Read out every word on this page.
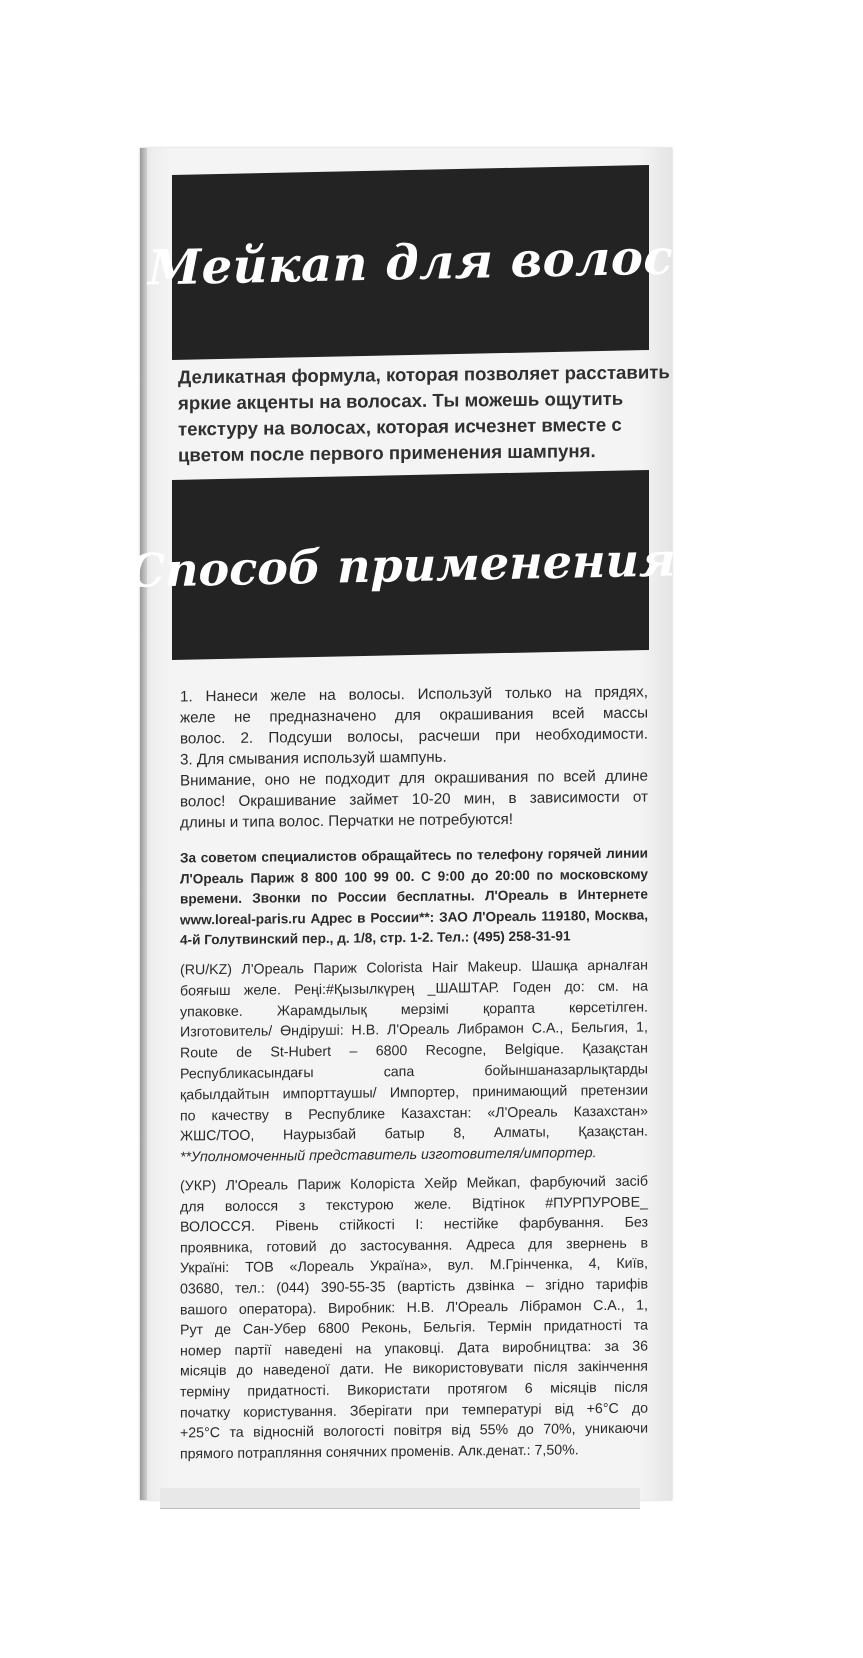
Мейкап для волос
Деликатная формула, которая позволяет расставить
яркие акценты на волосах. Ты можешь ощутить
текстуру на волосах, которая исчезнет вместе с
цветом после первого применения шампуня.
Способ применения:
1. Нанеси желе на волосы. Используй только на прядях,
желе не предназначено для окрашивания всей массы
волос. 2. Подсуши волосы, расчеши при необходимости.
3. Для смывания используй шампунь.
Внимание, оно не подходит для окрашивания по всей длине
волос! Окрашивание займет 10-20 мин, в зависимости от
длины и типа волос. Перчатки не потребуются!
За советом специалистов обращайтесь по телефону горячей линии
Л'Ореаль Париж 8 800 100 99 00. С 9:00 до 20:00 по московскому
времени. Звонки по России бесплатны. Л'Ореаль в Интернете
www.loreal-paris.ru Адрес в России**: ЗАО Л'Ореаль 119180, Москва,
4-й Голутвинский пер., д. 1/8, стр. 1-2. Тел.: (495) 258-31-91
(RU/KZ) Л'Ореаль Париж Colorista Hair Makeup. Шашқа арналған
бояғыш желе. Реңі:#Қызылкүрең _ШАШТАР. Годен до: см. на
упаковке. Жарамдылық мерзімі қорапта көрсетілген.
Изготовитель/ Өндіруші: Н.В. Л'Ореаль Либрамон С.А., Бельгия, 1,
Route de St-Hubert – 6800 Recogne, Belgique. Қазақстан
Республикасындағы сапа бойыншаназарлықтарды
қабылдайтын импорттаушы/ Импортер, принимающий претензии
по качеству в Республике Казахстан: «Л'Ореаль Казахстан»
ЖШС/ТОО, Наурызбай батыр 8, Алматы, Қазақстан.
**Уполномоченный представитель изготовителя/импортер.
(УКР) Л'Ореаль Париж Колорiста Хейр Мейкап, фарбуючий засiб
для волосся з текстурою желе. Вiдтiнок #ПУРПУРОВЕ_
ВОЛОССЯ. Рiвень стiйкостi I: нестiйке фарбування. Без
проявника, готовий до застосування. Адреса для звернень в
Українi: ТОВ «Лореаль Україна», вул. М.Грiнченка, 4, Київ,
03680, тел.: (044) 390-55-35 (вартiсть дзвiнка – згiдно тарифiв
вашого оператора). Виробник: Н.В. Л'Ореаль Лiбрамон С.А., 1,
Рут де Сан-Убер 6800 Реконь, Бельгiя. Термiн придатностi та
номер партiї наведенi на упаковцi. Дата виробництва: за 36
мiсяцiв до наведеної дати. Не використовувати пiсля закiнчення
термiну придатностi. Використати протягом 6 мiсяцiв пiсля
початку користування. Зберiгати при температурi вiд +6°C до
+25°C та вiдноснiй вологостi повiтря вiд 55% до 70%, уникаючи
прямого потрапляння сонячних променiв. Алк.денат.: 7,50%.
